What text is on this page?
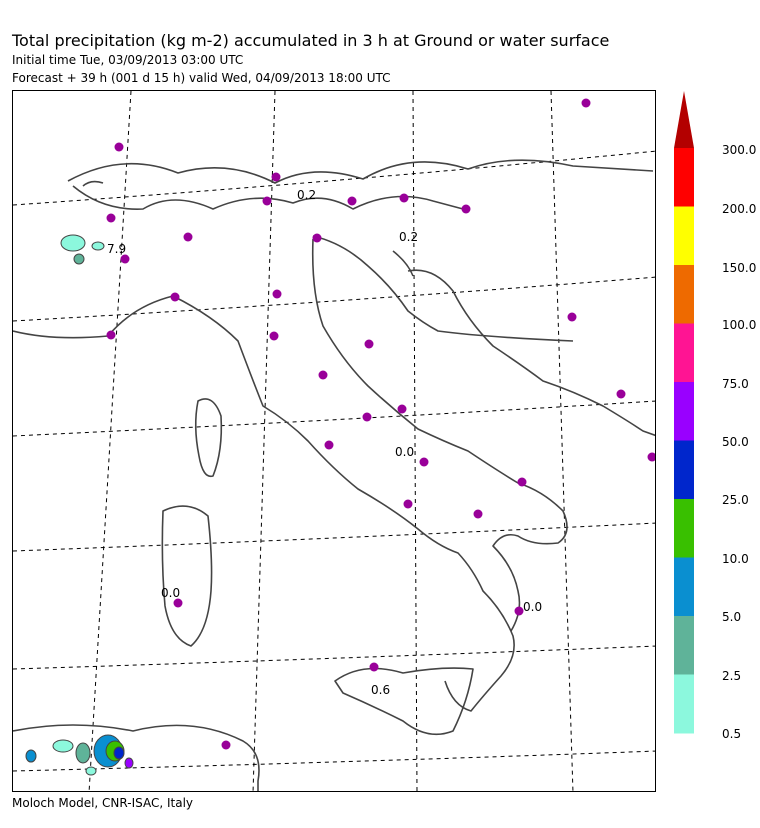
Total precipitation (kg m-2) accumulated in 3 h at Ground or water surface
Initial time Tue, 03/09/2013 03:00 UTC
Forecast + 39 h (001 d 15 h) valid Wed, 04/09/2013 18:00 UTC
0.2
7.9
0.2
0.0
0.0
0.0
0.6
300.0
200.0
150.0
100.0
75.0
50.0
25.0
10.0
5.0
2.5
0.5
Moloch Model, CNR-ISAC, Italy
